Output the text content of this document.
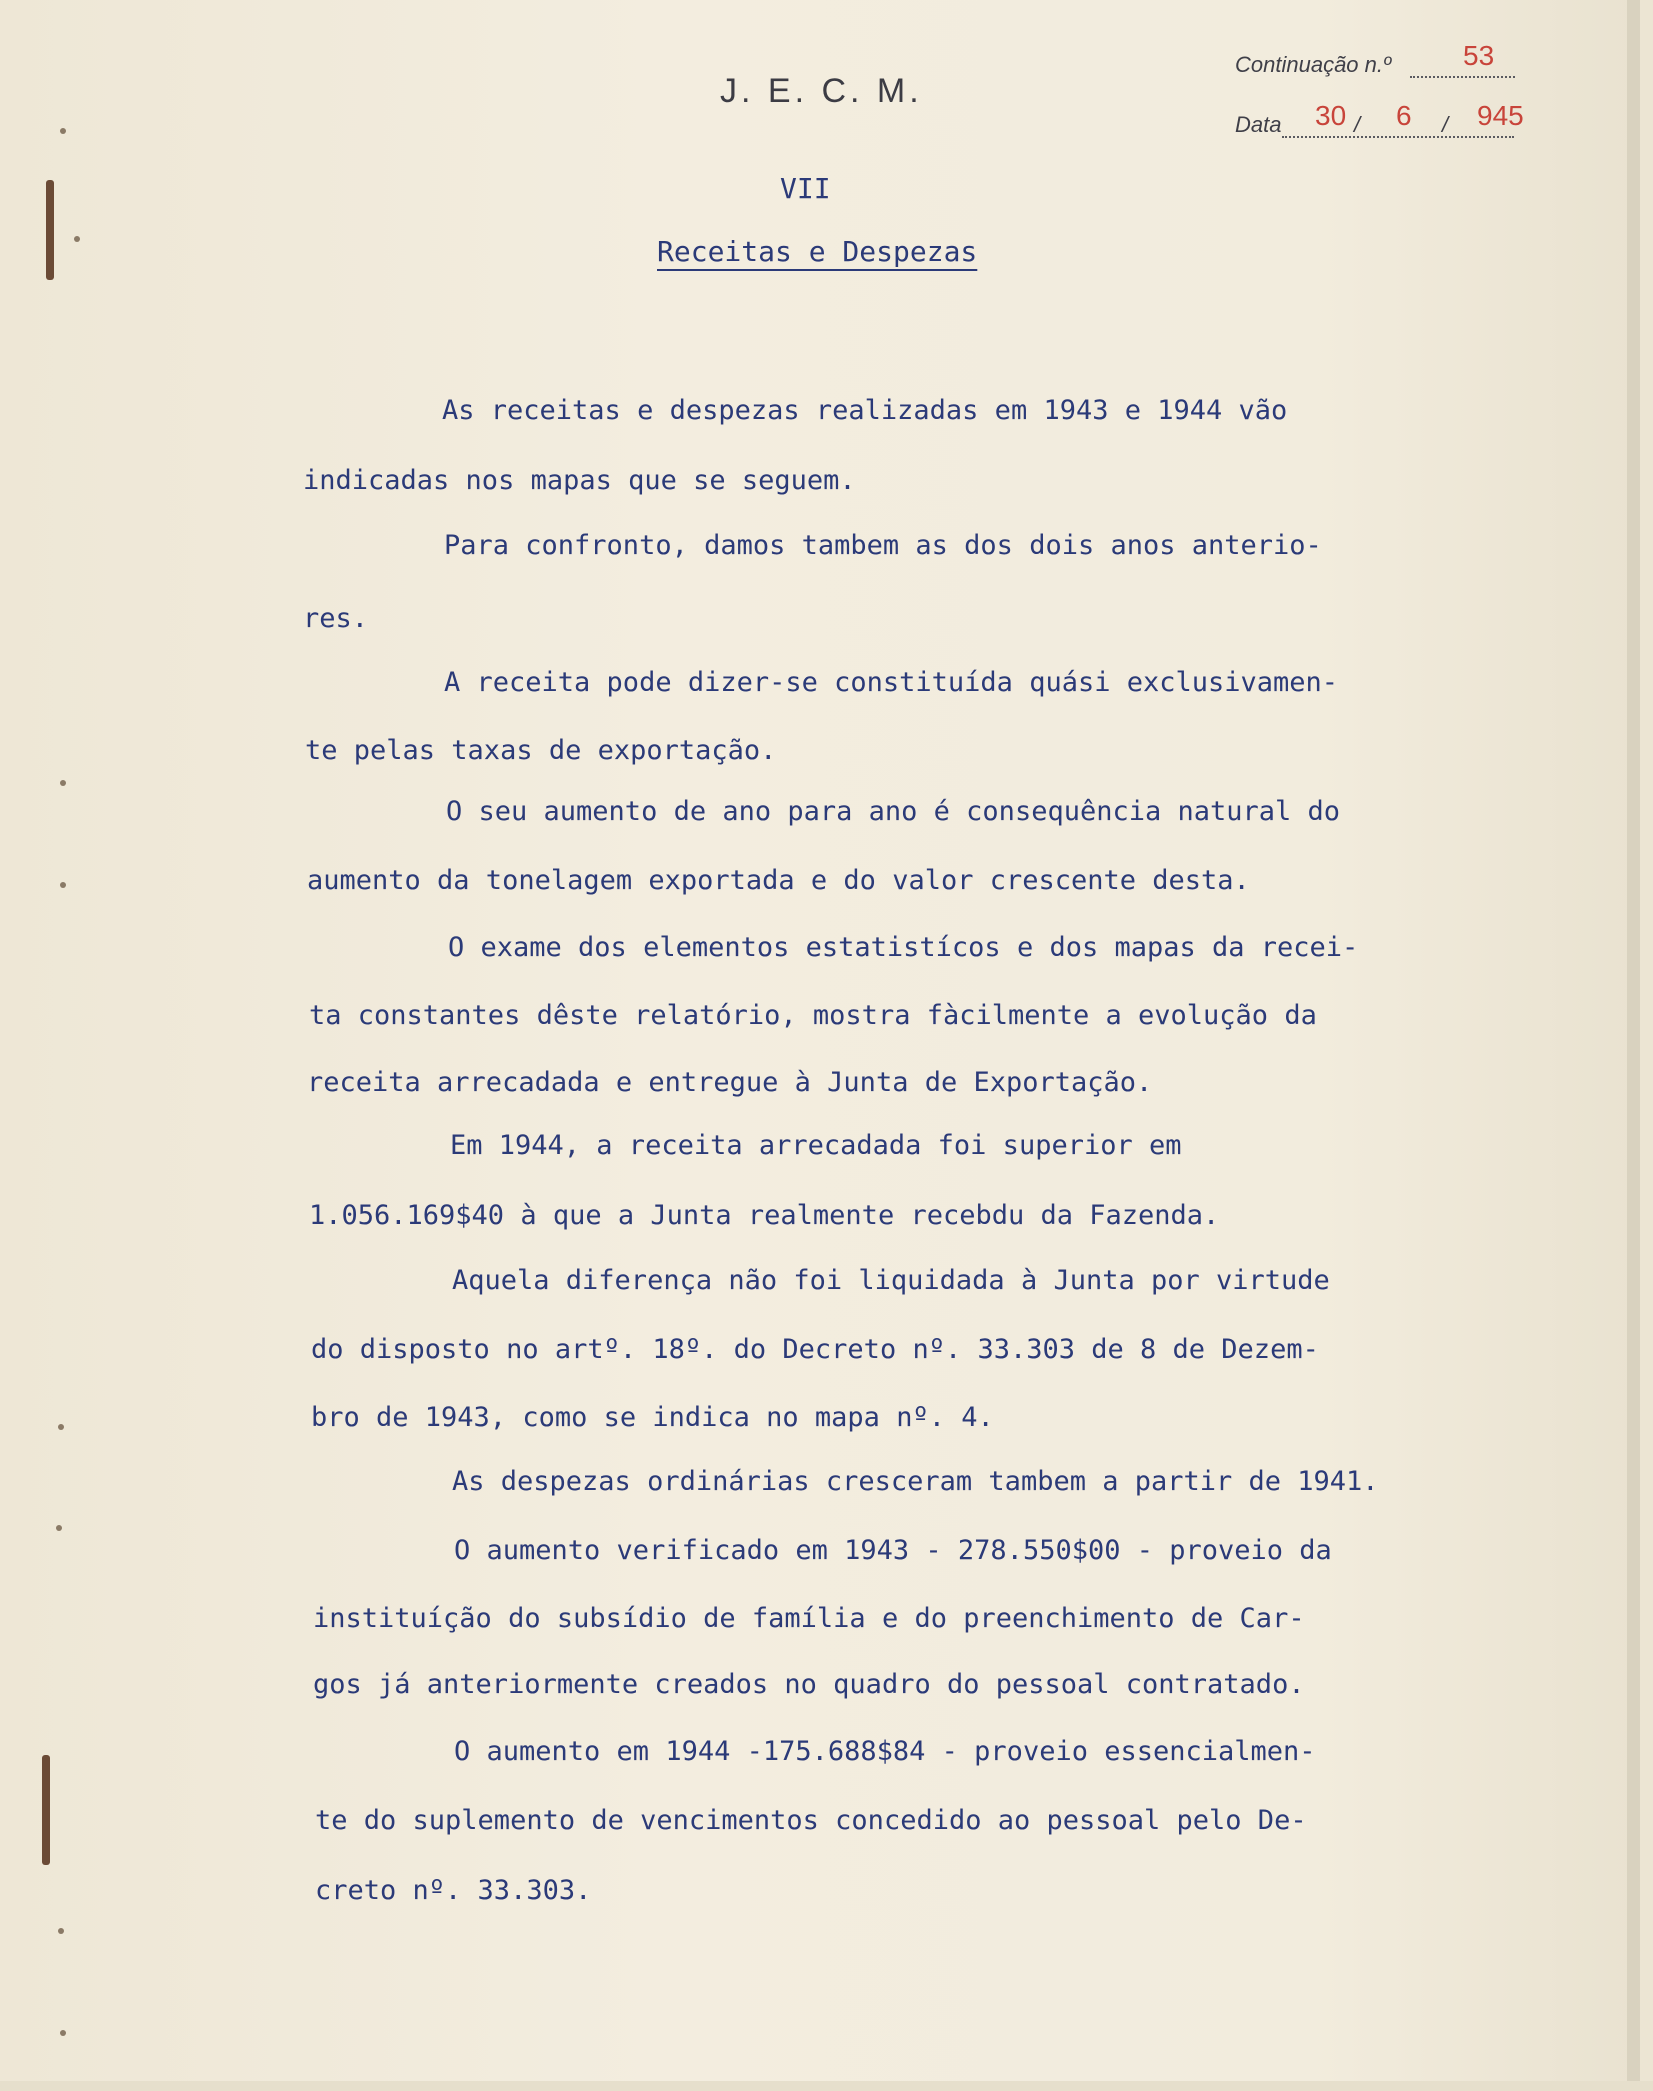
J. E. C. M.
Continuação n.º	53
Data 30 / 6 / 945
VII
Receitas e Despezas
As receitas e despezas realizadas em 1943 e 1944 vão
indicadas nos mapas que se seguem.
Para confronto, damos tambem as dos dois anos anterio-
res.
A receita pode dizer-se constituída quási exclusivamen-
te pelas taxas de exportação.
O seu aumento de ano para ano é consequência natural do
aumento da tonelagem exportada e do valor crescente desta.
O exame dos elementos estatistícos e dos mapas da recei-
ta constantes dêste relatório, mostra fàcilmente a evolução da
receita arrecadada e entregue à Junta de Exportação.
Em 1944, a receita arrecadada foi superior em
1.056.169$40 à que a Junta realmente recebdu da Fazenda.
Aquela diferença não foi liquidada à Junta por virtude
do disposto no artº. 18º. do Decreto nº. 33.303 de 8 de Dezem-
bro de 1943, como se indica no mapa nº. 4.
As despezas ordinárias cresceram tambem a partir de 1941.
O aumento verificado em 1943 - 278.550$00 - proveio da
instituíção do subsídio de família e do preenchimento de Car-
gos já anteriormente creados no quadro do pessoal contratado.
O aumento em 1944 -175.688$84 - proveio essencialmen-
te do suplemento de vencimentos concedido ao pessoal pelo De-
creto nº. 33.303.
